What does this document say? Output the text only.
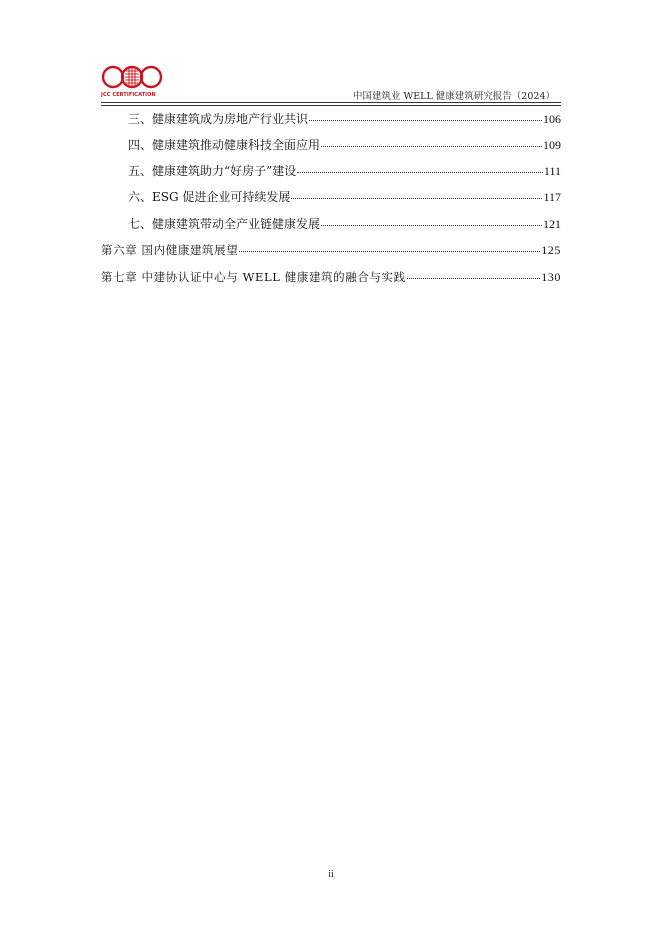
JCC CERTIFICATION	中国建筑业 WELL 健康建筑研究报告（2024）
三、健康建筑成为房地产行业共识	106
四、健康建筑推动健康科技全面应用	109
五、健康建筑助力“好房子”建设	111
六、ESG 促进企业可持续发展	117
七、健康建筑带动全产业链健康发展	121
第六章 国内健康建筑展望	125
第七章 中建协认证中心与 WELL 健康建筑的融合与实践	130
ii
